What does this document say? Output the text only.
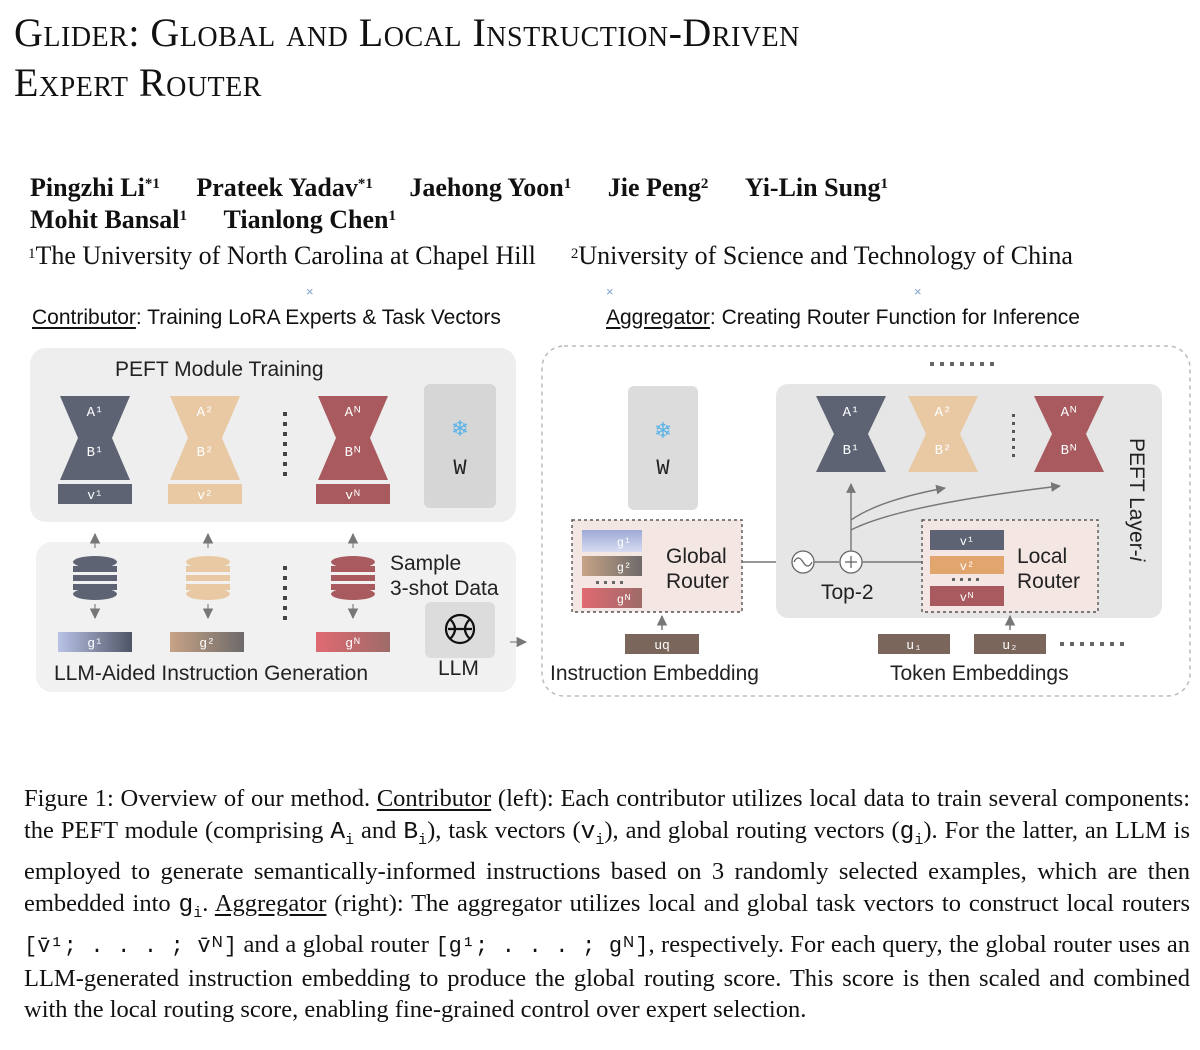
Glider: Global and Local Instruction-Driven
Expert Router
Pingzhi Li$^{*1}$ Prateek Yadav$^{*1}$ Jaehong Yoon$^1$ Jie Peng$^2$ Yi-Lin Sung$^1$
Mohit Bansal$^1$ Tianlong Chen$^1$
$^1$The University of North Carolina at Chapel Hill $^2$University of Science and Technology of China
Contributor: Training LoRA Experts & Task Vectors	Aggregator: Creating Router Function for Inference
×	×	×
PEFT Module Training
A¹
B¹
v¹
A²
B²
v²
Aᴺ
Bᴺ
vᴺ
❄
W
Sample
3-shot Data
g¹	g²	gᴺ
LLM-Aided Instruction Generation	LLM
❄
W
g¹
g²
gᴺ
Global
Router
uq
Instruction Embedding
A¹
B¹
A²
B²
Aᴺ
Bᴺ PEFT Layer-i
Top-2
v¹
v²
vᴺ
Local
Router
u₁	u₂
Token Embeddings
Figure 1: Overview of our method. Contributor (left): Each contributor utilizes local data to train several components: the PEFT module (comprising $A_i$ and $B_i$), task vectors $(v_i)$, and global routing vectors $(g_i)$. For the latter, an LLM is employed to generate semantically-informed instructions based on 3 randomly selected examples, which are then embedded into $g_i$. Aggregator (right): The aggregator utilizes local and global task vectors to construct local routers [v̄¹; . . . ; v̄ᴺ] and a global router [g¹; . . . ; gᴺ], respectively. For each query, the global router uses an LLM-generated instruction embedding to produce the global routing score. This score is then scaled and combined with the local routing score, enabling fine-grained control over expert selection.
